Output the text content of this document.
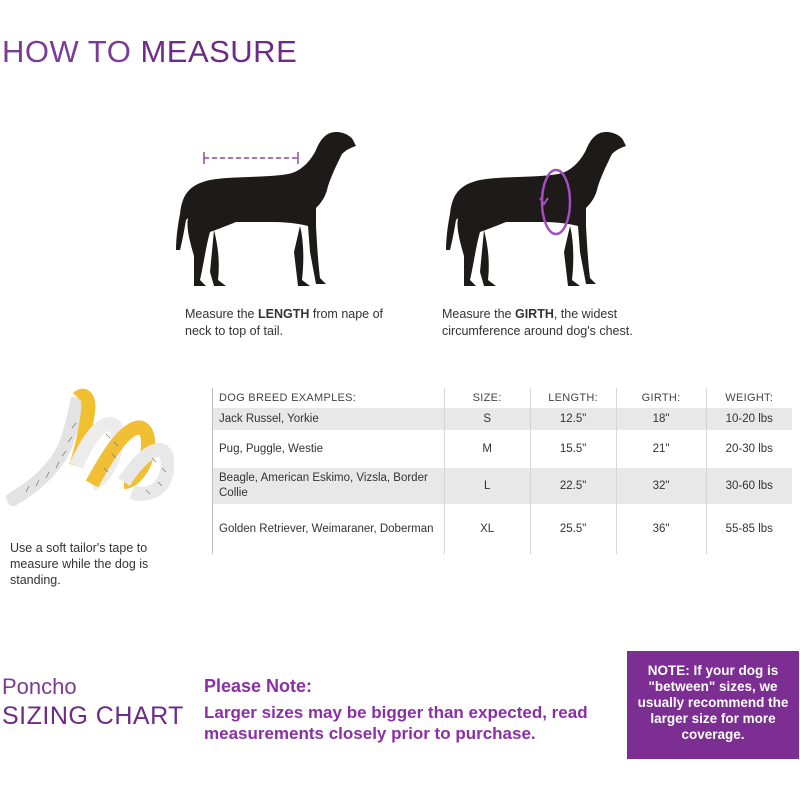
HOW TO MEASURE
Measure the LENGTH from nape of neck to top of tail.
Measure the GIRTH, the widest circumference around dog's chest.
Use a soft tailor's tape to measure while the dog is standing.
DOG BREED EXAMPLES:	SIZE:	LENGTH:	GIRTH:	WEIGHT:
Jack Russel, Yorkie	S	12.5"	18"	10-20 lbs
Pug, Puggle, Westie	M	15.5"	21"	20-30 lbs
Beagle, American Eskimo, Vizsla, Border Collie	L	22.5"	32"	30-60 lbs
Golden Retriever, Weimaraner, Doberman	XL	25.5"	36"	55-85 lbs
Poncho
SIZING CHART
Please Note:
Larger sizes may be bigger than expected, read measurements closely prior to purchase.
NOTE: If your dog is "between" sizes, we usually recommend the larger size for more coverage.
